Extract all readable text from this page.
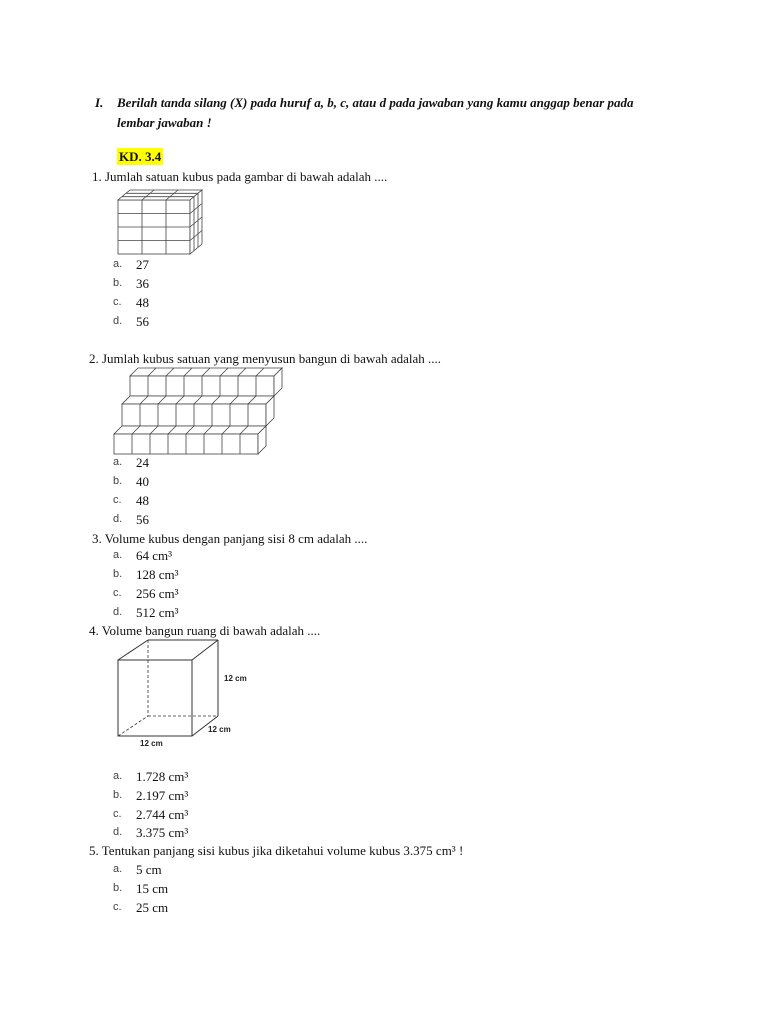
I. Berilah tanda silang (X) pada huruf a, b, c, atau d pada jawaban yang kamu anggap benar pada
lembar jawaban !
KD. 3.4
1. Jumlah satuan kubus pada gambar di bawah adalah ....
a. 27
b. 36
c. 48
d. 56
2. Jumlah kubus satuan yang menyusun bangun di bawah adalah ....
a. 24
b. 40
c. 48
d. 56
3. Volume kubus dengan panjang sisi 8 cm adalah ....
a. 64 cm³
b. 128 cm³
c. 256 cm³
d. 512 cm³
4. Volume bangun ruang di bawah adalah ....
12 cm
12 cm
12 cm
a. 1.728 cm³
b. 2.197 cm³
c. 2.744 cm³
d. 3.375 cm³
5. Tentukan panjang sisi kubus jika diketahui volume kubus 3.375 cm³ !
a. 5 cm
b. 15 cm
c. 25 cm
